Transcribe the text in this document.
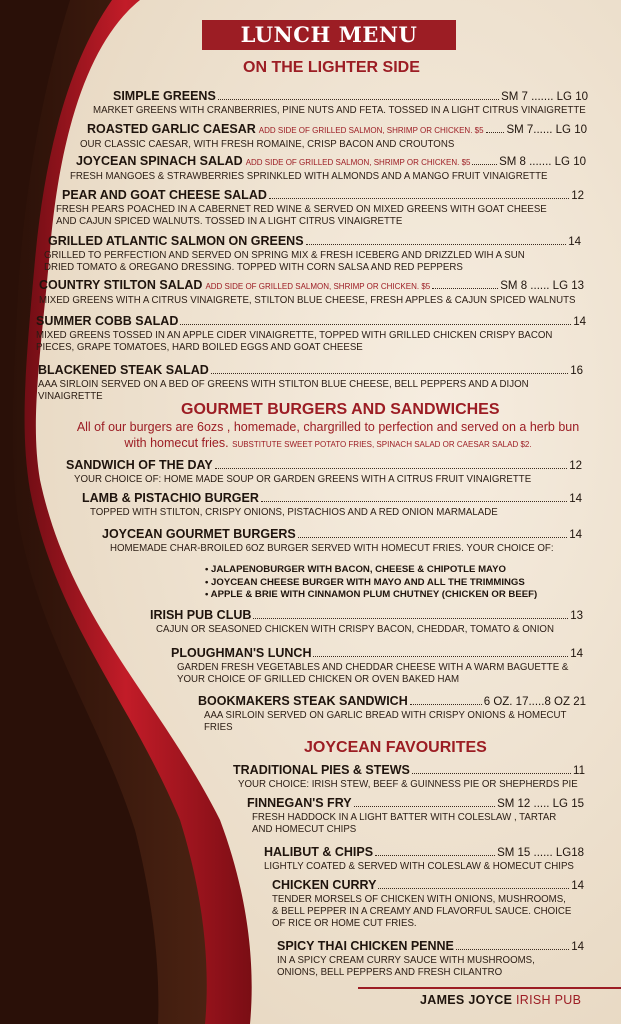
LUNCH MENU
ON THE LIGHTER SIDE
SIMPLE GREENS	SM 7 ....... LG 10
MARKET GREENS WITH CRANBERRIES, PINE NUTS AND FETA. TOSSED IN A LIGHT CITRUS VINAIGRETTE
ROASTED GARLIC CAESAR ADD SIDE OF GRILLED SALMON, SHRIMP OR CHICKEN. $5 SM 7...... LG 10
OUR CLASSIC CAESAR, WITH FRESH ROMAINE, CRISP BACON AND CROUTONS
JOYCEAN SPINACH SALAD ADD SIDE OF GRILLED SALMON, SHRIMP OR CHICKEN. $5 SM 8 ....... LG 10
FRESH MANGOES & STRAWBERRIES SPRINKLED WITH ALMONDS AND A MANGO FRUIT VINAIGRETTE
PEAR AND GOAT CHEESE SALAD	12
FRESH PEARS POACHED IN A CABERNET RED WINE & SERVED ON MIXED GREENS WITH GOAT CHEESE AND CAJUN SPICED WALNUTS. TOSSED IN A LIGHT CITRUS VINAIGRETTE
GRILLED ATLANTIC SALMON ON GREENS	14
GRILLED TO PERFECTION AND SERVED ON SPRING MIX & FRESH ICEBERG AND DRIZZLED WIH A SUN DRIED TOMATO & OREGANO DRESSING. TOPPED WITH CORN SALSA AND RED PEPPERS
COUNTRY STILTON SALAD ADD SIDE OF GRILLED SALMON, SHRIMP OR CHICKEN. $5	SM 8 ...... LG 13
MIXED GREENS WITH A CITRUS VINAIGRETE, STILTON BLUE CHEESE, FRESH APPLES & CAJUN SPICED WALNUTS
SUMMER COBB SALAD	14
MIXED GREENS TOSSED IN AN APPLE CIDER VINAIGRETTE, TOPPED WITH GRILLED CHICKEN CRISPY BACON PIECES, GRAPE TOMATOES, HARD BOILED EGGS AND GOAT CHEESE
BLACKENED STEAK SALAD	16
AAA SIRLOIN SERVED ON A BED OF GREENS WITH STILTON BLUE CHEESE, BELL PEPPERS AND A DIJON VINAIGRETTE
GOURMET BURGERS AND SANDWICHES
All of our burgers are 6ozs , homemade, chargrilled to perfection and served on a herb bun
with homecut fries. SUBSTITUTE SWEET POTATO FRIES, SPINACH SALAD OR CAESAR SALAD $2.
SANDWICH OF THE DAY	12
YOUR CHOICE OF: HOME MADE SOUP OR GARDEN GREENS WITH A CITRUS FRUIT VINAIGRETTE
LAMB & PISTACHIO BURGER	14
TOPPED WITH STILTON, CRISPY ONIONS, PISTACHIOS AND A RED ONION MARMALADE
JOYCEAN GOURMET BURGERS	14
HOMEMADE CHAR-BROILED 6OZ BURGER SERVED WITH HOMECUT FRIES. YOUR CHOICE OF:
• JALAPENOBURGER WITH BACON, CHEESE & CHIPOTLE MAYO
• JOYCEAN CHEESE BURGER WITH MAYO AND ALL THE TRIMMINGS
• APPLE & BRIE WITH CINNAMON PLUM CHUTNEY (CHICKEN OR BEEF)
IRISH PUB CLUB	13
CAJUN OR SEASONED CHICKEN WITH CRISPY BACON, CHEDDAR, TOMATO & ONION
PLOUGHMAN'S LUNCH	14
GARDEN FRESH VEGETABLES AND CHEDDAR CHEESE WITH A WARM BAGUETTE & YOUR CHOICE OF GRILLED CHICKEN OR OVEN BAKED HAM
BOOKMAKERS STEAK SANDWICH	6 OZ. 17.....8 OZ 21
AAA SIRLOIN SERVED ON GARLIC BREAD WITH CRISPY ONIONS & HOMECUT FRIES
JOYCEAN FAVOURITES
TRADITIONAL PIES & STEWS	11
YOUR CHOICE: IRISH STEW, BEEF & GUINNESS PIE OR SHEPHERDS PIE
FINNEGAN'S FRY	SM 12 ..... LG 15
FRESH HADDOCK IN A LIGHT BATTER WITH COLESLAW , TARTAR AND HOMECUT CHIPS
HALIBUT & CHIPS	SM 15 ...... LG18
LIGHTLY COATED & SERVED WITH COLESLAW & HOMECUT CHIPS
CHICKEN CURRY	14
TENDER MORSELS OF CHICKEN WITH ONIONS, MUSHROOMS, & BELL PEPPER IN A CREAMY AND FLAVORFUL SAUCE. CHOICE OF RICE OR HOME CUT FRIES.
SPICY THAI CHICKEN PENNE	14
IN A SPICY CREAM CURRY SAUCE WITH MUSHROOMS, ONIONS, BELL PEPPERS AND FRESH CILANTRO
JAMES JOYCE IRISH PUB
